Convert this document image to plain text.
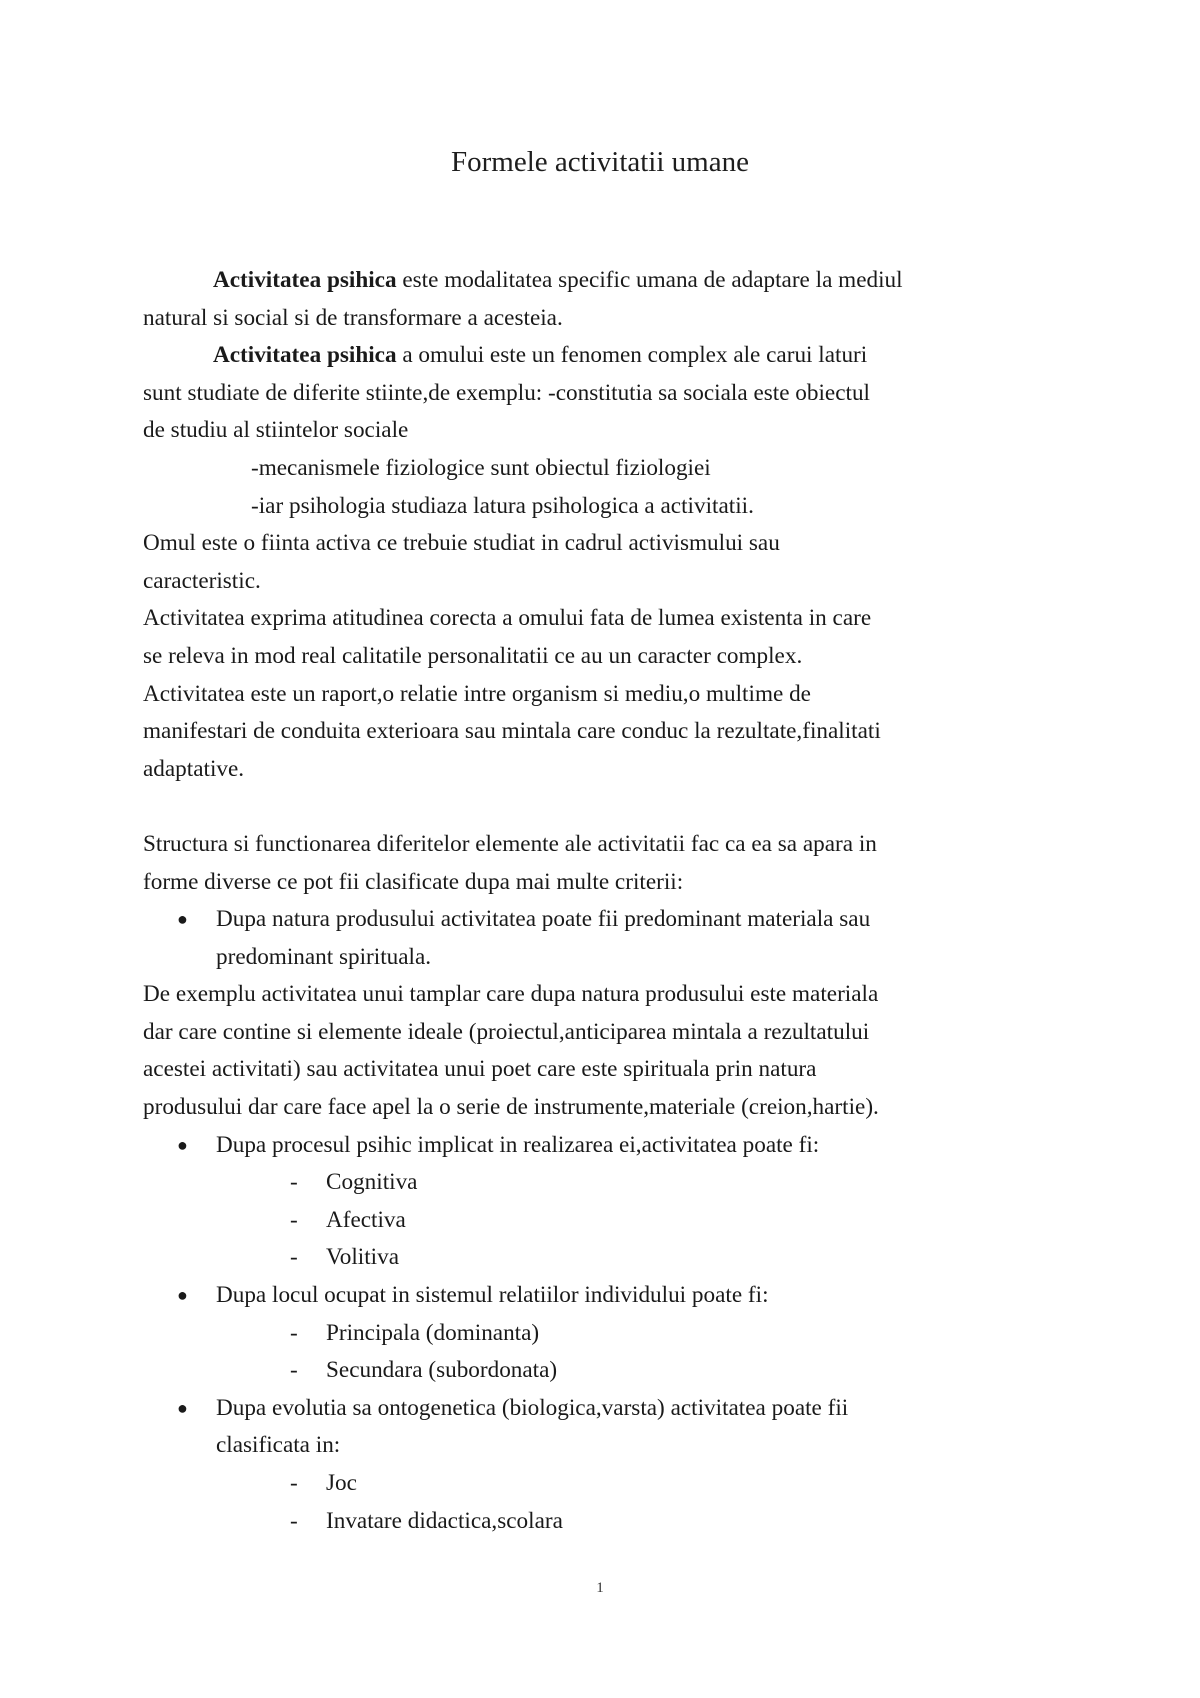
Formele activitatii umane
Activitatea psihica este modalitatea specific umana de adaptare la mediul
natural si social si de transformare a acesteia.
Activitatea psihica a omului este un fenomen complex ale carui laturi
sunt studiate de diferite stiinte,de exemplu: -constitutia sa sociala este obiectul
de studiu al stiintelor sociale
-mecanismele fiziologice sunt obiectul fiziologiei
-iar psihologia studiaza latura psihologica a activitatii.
Omul este o fiinta activa ce trebuie studiat in cadrul activismului sau
caracteristic.
Activitatea exprima atitudinea corecta a omului fata de lumea existenta in care
se releva in mod real calitatile personalitatii ce au un caracter complex.
Activitatea este un raport,o relatie intre organism si mediu,o multime de
manifestari de conduita exterioara sau mintala care conduc la rezultate,finalitati
adaptative.
Structura si functionarea diferitelor elemente ale activitatii fac ca ea sa apara in
forme diverse ce pot fii clasificate dupa mai multe criterii:
● Dupa natura produsului activitatea poate fii predominant materiala sau
predominant spirituala.
De exemplu activitatea unui tamplar care dupa natura produsului este materiala
dar care contine si elemente ideale (proiectul,anticiparea mintala a rezultatului
acestei activitati) sau activitatea unui poet care este spirituala prin natura
produsului dar care face apel la o serie de instrumente,materiale (creion,hartie).
● Dupa procesul psihic implicat in realizarea ei,activitatea poate fi:
- Cognitiva
- Afectiva
- Volitiva
● Dupa locul ocupat in sistemul relatiilor individului poate fi:
- Principala (dominanta)
- Secundara (subordonata)
● Dupa evolutia sa ontogenetica (biologica,varsta) activitatea poate fii
clasificata in:
- Joc
- Invatare didactica,scolara
1
